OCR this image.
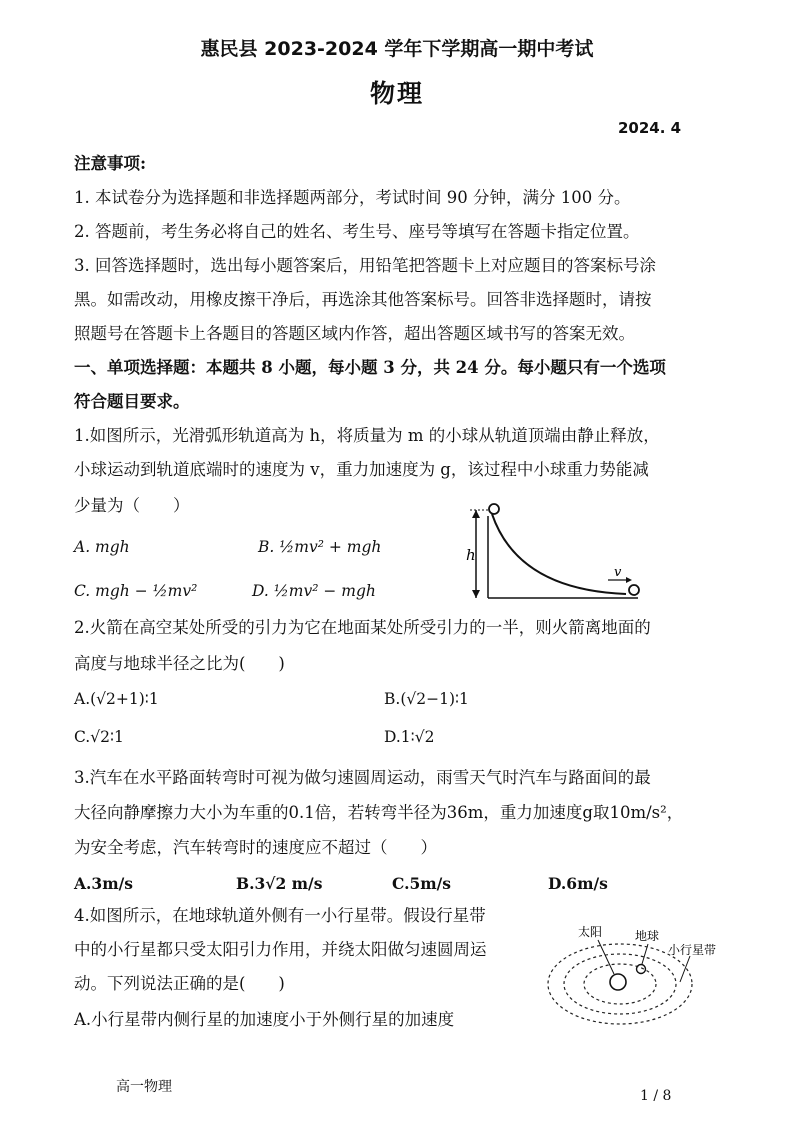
惠民县 2023-2024 学年下学期高一期中考试
物理
2024. 4
注意事项:
1. 本试卷分为选择题和非选择题两部分，考试时间 90 分钟，满分 100 分。
2. 答题前，考生务必将自己的姓名、考生号、座号等填写在答题卡指定位置。
3. 回答选择题时，选出每小题答案后，用铅笔把答题卡上对应题目的答案标号涂
黑。如需改动，用橡皮擦干净后，再选涂其他答案标号。回答非选择题时，请按
照题号在答题卡上各题目的答题区域内作答，超出答题区域书写的答案无效。
一、单项选择题：本题共 8 小题，每小题 3 分，共 24 分。每小题只有一个选项
符合题目要求。
1.如图所示，光滑弧形轨道高为 h，将质量为 m 的小球从轨道顶端由静止释放，
小球运动到轨道底端时的速度为 v，重力加速度为 g，该过程中小球重力势能减
少量为（　　）
A. mgh	B. ½mv² + mgh
C. mgh − ½mv²	D. ½mv² − mgh
h
v
2.火箭在高空某处所受的引力为它在地面某处所受引力的一半，则火箭离地面的
高度与地球半径之比为(　　)
A.(√2+1)∶1	B.(√2−1)∶1
C.√2∶1	D.1∶√2
3.汽车在水平路面转弯时可视为做匀速圆周运动，雨雪天气时汽车与路面间的最
大径向静摩擦力大小为车重的0.1倍，若转弯半径为36m，重力加速度g取10m/s²，
为安全考虑，汽车转弯时的速度应不超过（　　）
A.3m/s	B.3√2 m/s	C.5m/s	D.6m/s
4.如图所示，在地球轨道外侧有一小行星带。假设行星带
中的小行星都只受太阳引力作用，并绕太阳做匀速圆周运
动。下列说法正确的是(　　)
A.小行星带内侧行星的加速度小于外侧行星的加速度
太阳	地球
小行星带
高一物理
1 / 8
